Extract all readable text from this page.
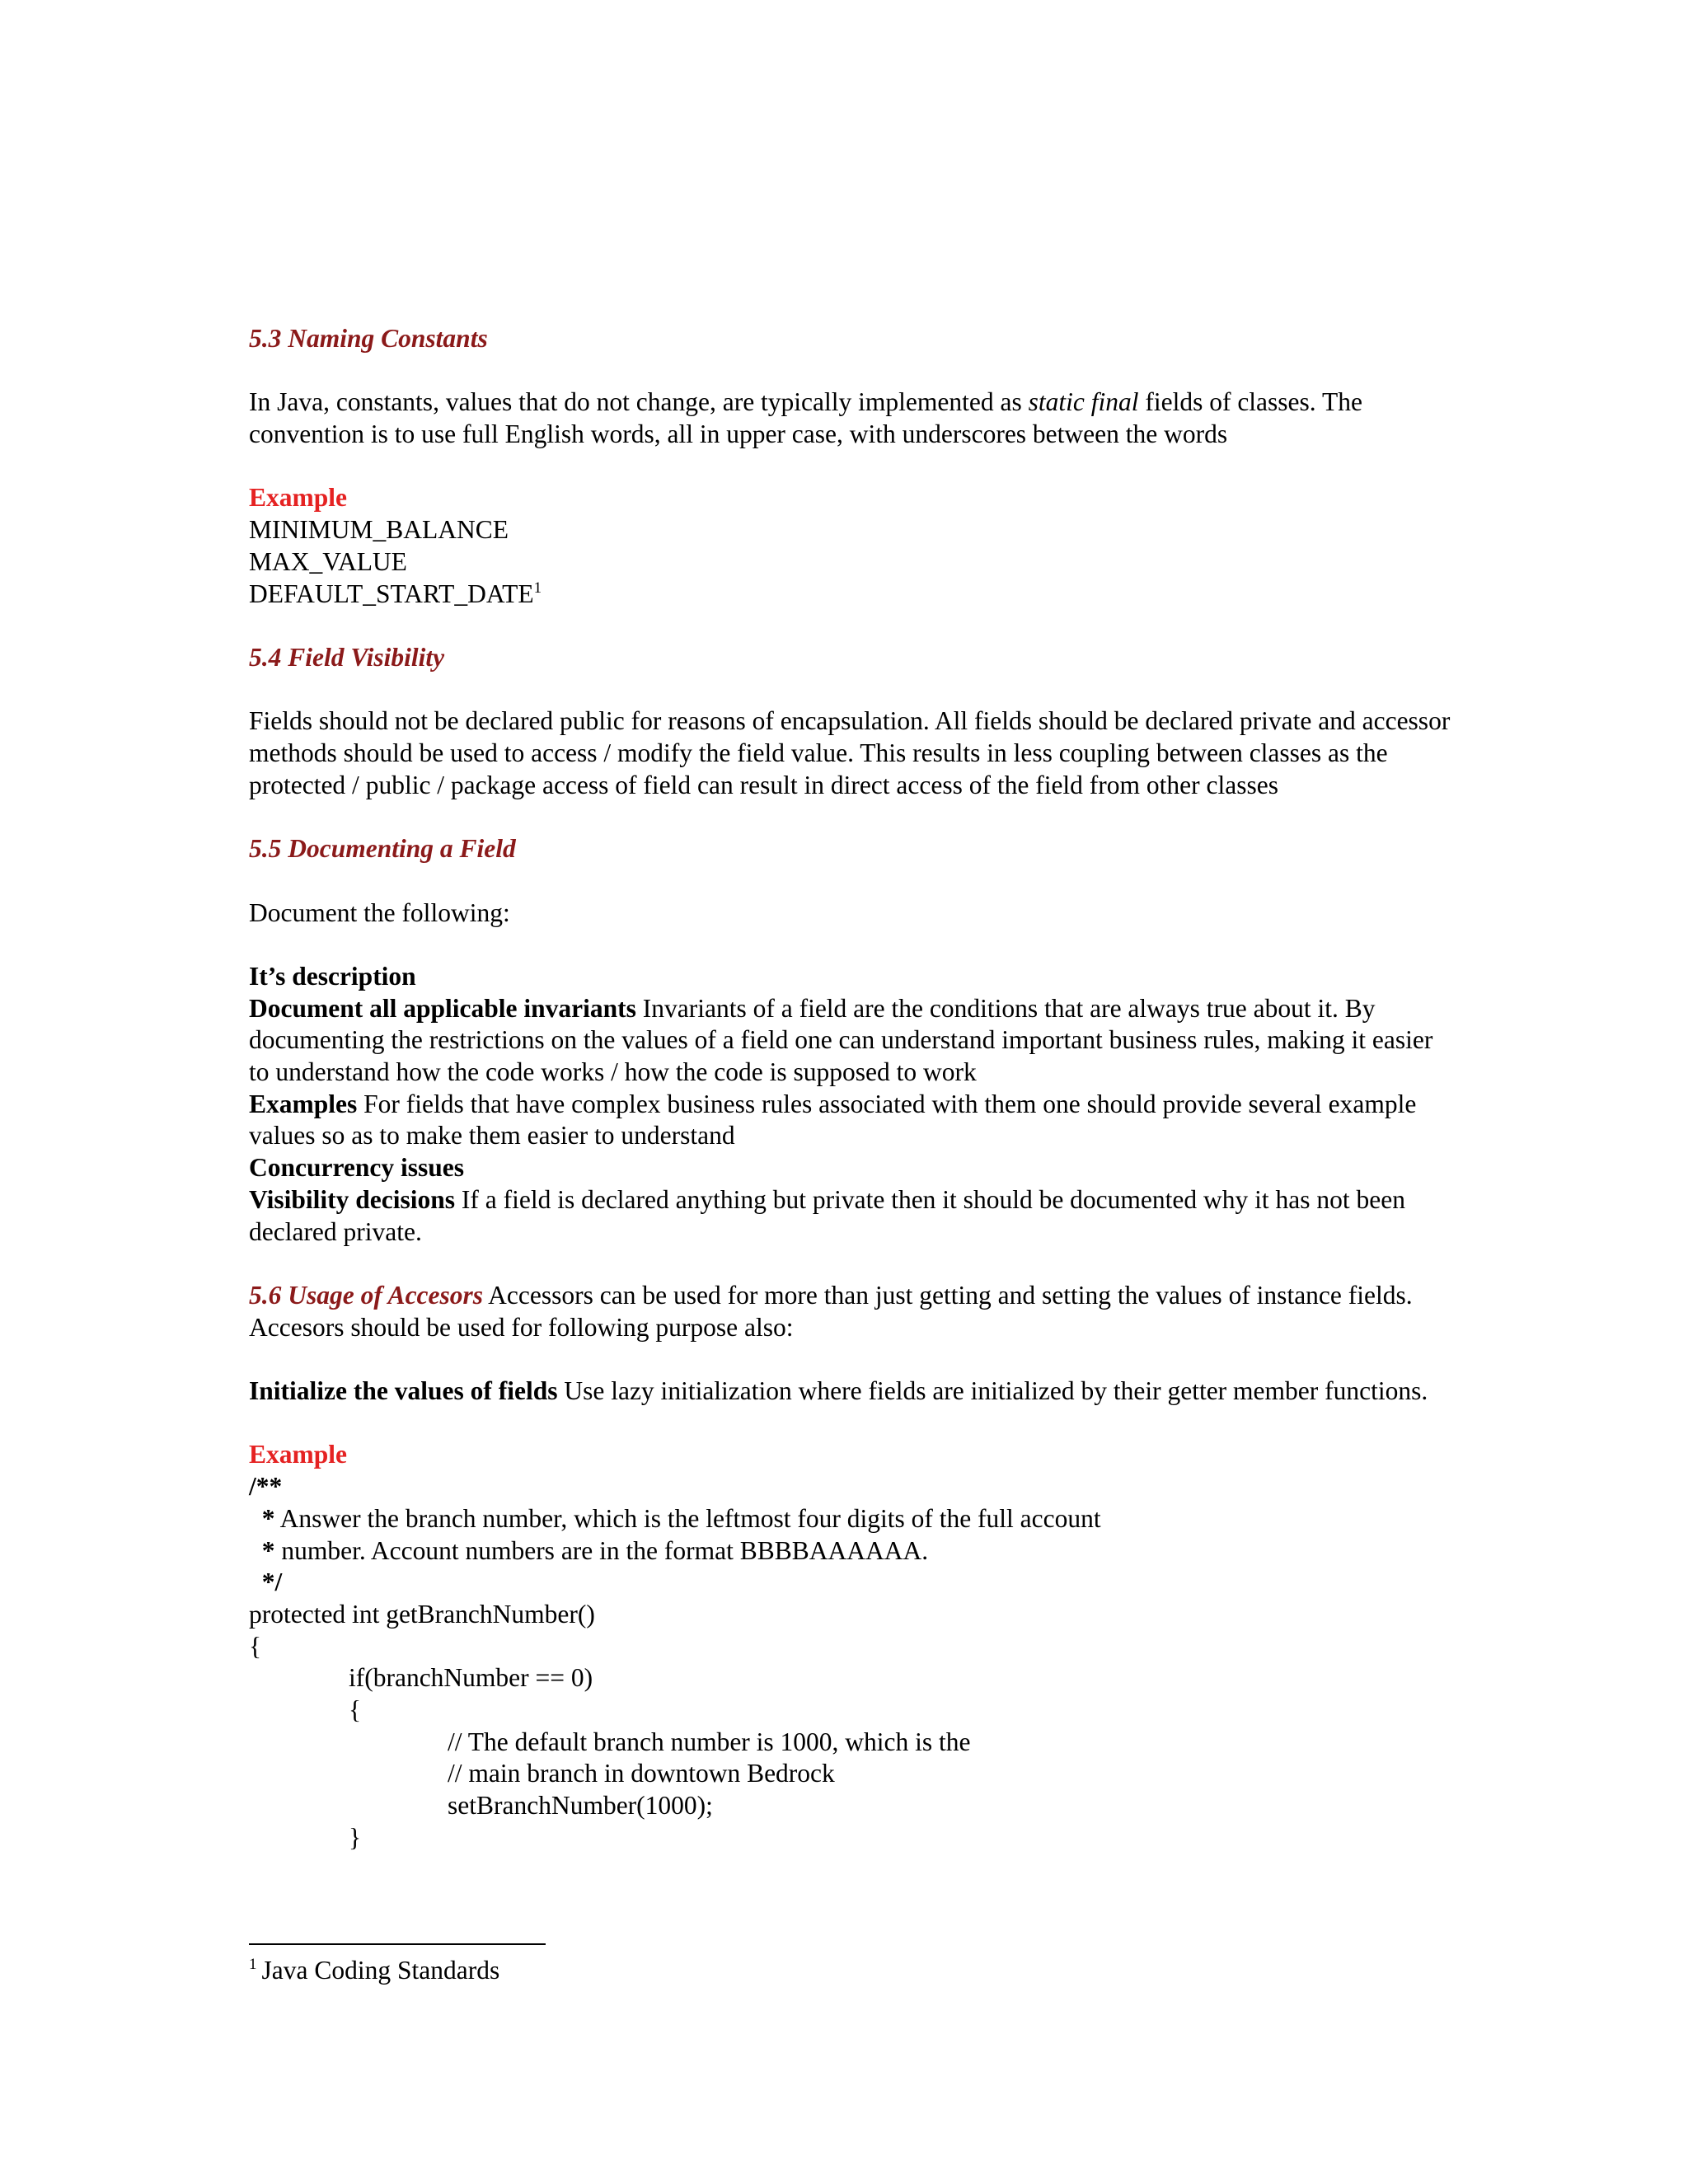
5.3 Naming Constants

In Java, constants, values that do not change, are typically implemented as static final fields of classes. The convention is to use full English words, all in upper case, with underscores between the words

Example

MINIMUM_BALANCE

MAX_VALUE

DEFAULT_START_DATE$^1$

5.4 Field Visibility

Fields should not be declared public for reasons of encapsulation. All fields should be declared private and accessor methods should be used to access / modify the field value. This results in less coupling between classes as the protected / public / package access of field can result in direct access of the field from other classes

5.5 Documenting a Field

Document the following:

It’s description

Document all applicable invariants Invariants of a field are the conditions that are always true about it. By documenting the restrictions on the values of a field one can understand important business rules, making it easier to understand how the code works / how the code is supposed to work

Examples For fields that have complex business rules associated with them one should provide several example values so as to make them easier to understand

Concurrency issues

Visibility decisions If a field is declared anything but private then it should be documented why it has not been declared private.

5.6 Usage of Accesors Accessors can be used for more than just getting and setting the values of instance fields. Accesors should be used for following purpose also:

Initialize the values of fields Use lazy initialization where fields are initialized by their getter member functions.

Example

/**
* Answer the branch number, which is the leftmost four digits of the full account
* number. Account numbers are in the format BBBBAAAAAA.
*/
protected int getBranchNumber()
{
if(branchNumber == 0)
{
// The default branch number is 1000, which is the
// main branch in downtown Bedrock
setBranchNumber(1000);
}
$^1$ Java Coding Standards
